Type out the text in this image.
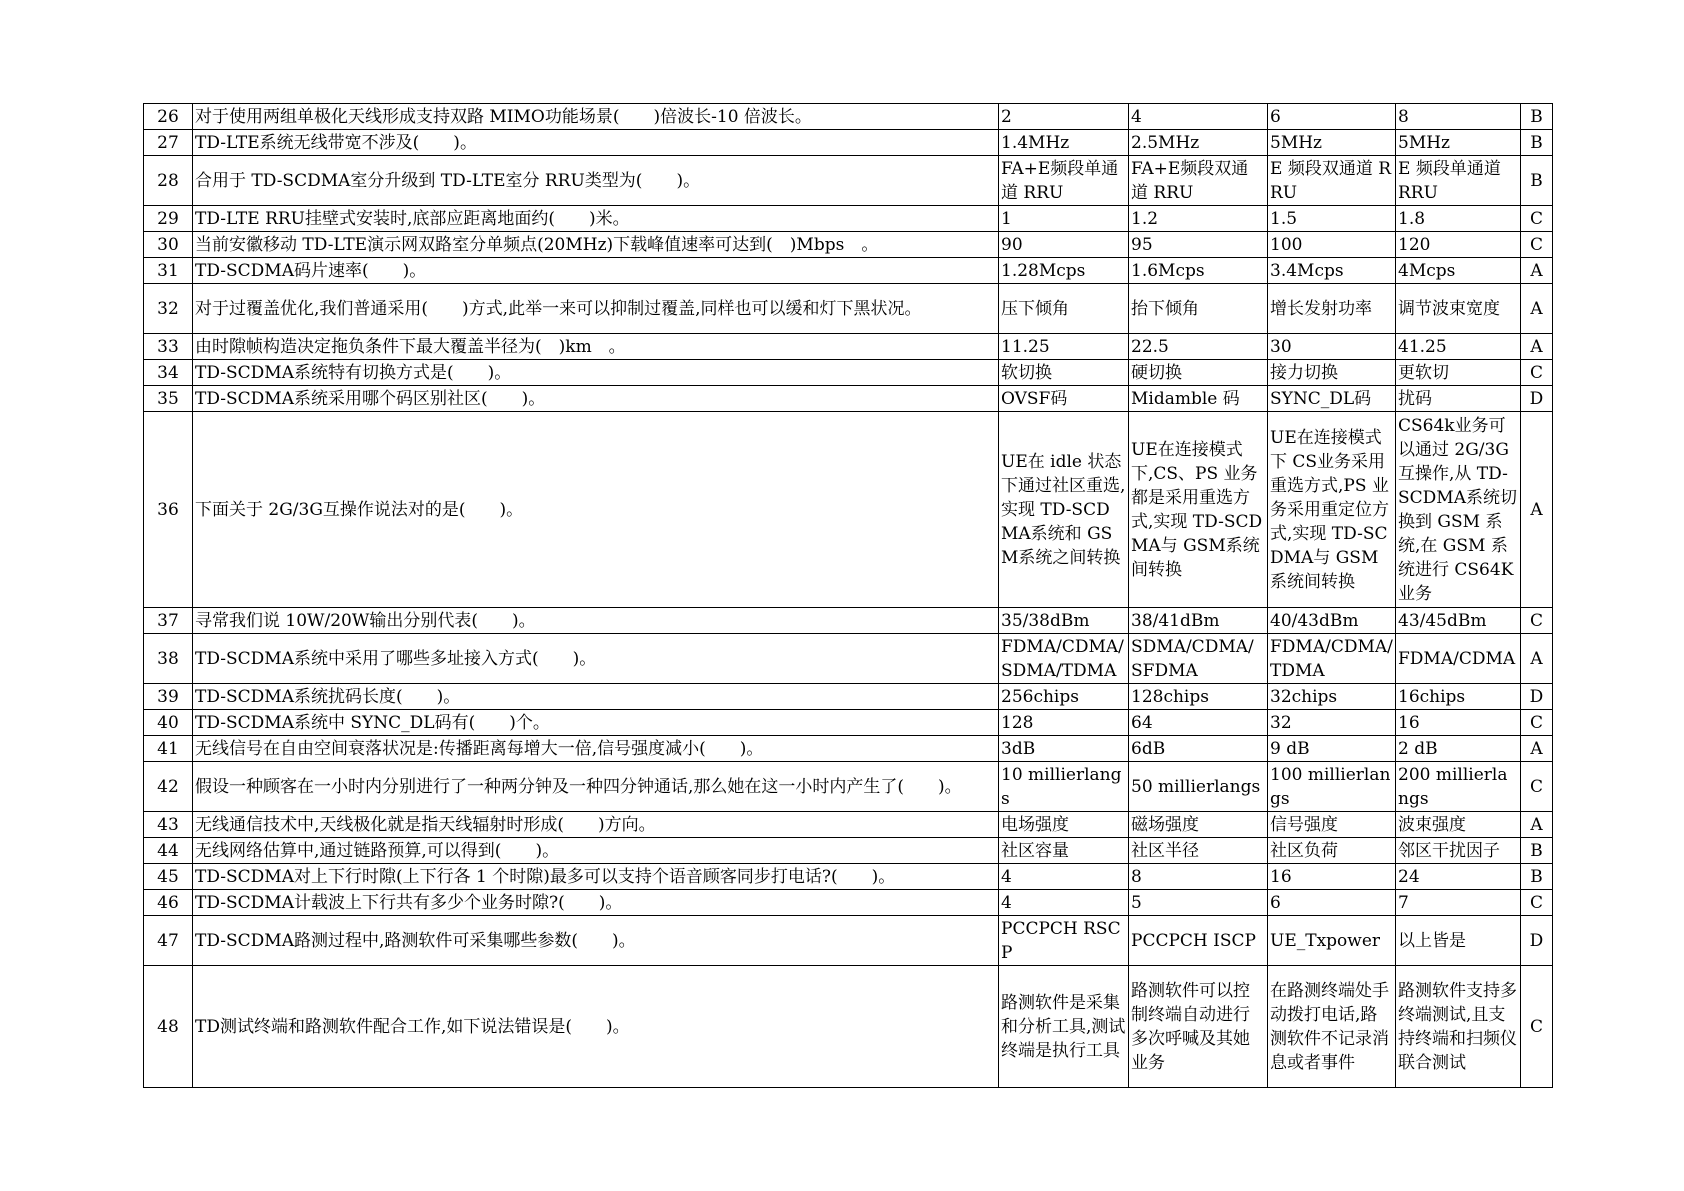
26	对于使用两组单极化天线形成支持双路 MIMO功能场景(　　)倍波长-10 倍波长。	2	4	6	8	B
27	TD-LTE系统无线带宽不涉及(　　)。	1.4MHz	2.5MHz	5MHz	5MHz	B
28	合用于 TD-SCDMA室分升级到 TD-LTE室分 RRU类型为(　　)。	FA+E频段单通道 RRU	FA+E频段双通道 RRU	E 频段双通道 RRU	E 频段单通道 RRU	B
29	TD-LTE RRU挂壁式安装时,底部应距离地面约(　　)米。	1	1.2	1.5	1.8	C
30	当前安徽移动 TD-LTE演示网双路室分单频点(20MHz)下载峰值速率可达到(　)Mbps　。	90	95	100	120	C
31	TD-SCDMA码片速率(　　)。	1.28Mcps	1.6Mcps	3.4Mcps	4Mcps	A
32	对于过覆盖优化,我们普通采用(　　)方式,此举一来可以抑制过覆盖,同样也可以缓和灯下黑状况。	压下倾角	抬下倾角	增长发射功率	调节波束宽度	A
33	由时隙帧构造决定拖负条件下最大覆盖半径为(　)km　。	11.25	22.5	30	41.25	A
34	TD-SCDMA系统特有切换方式是(　　)。	软切换	硬切换	接力切换	更软切	C
35	TD-SCDMA系统采用哪个码区别社区(　　)。	OVSF码	Midamble 码	SYNC_DL码	扰码	D
36	下面关于 2G/3G互操作说法对的是(　　)。	UE在 idle 状态下通过社区重选,实现 TD-SCDMA系统和 GSM系统之间转换	UE在连接模式下,CS、PS 业务都是采用重选方式,实现 TD-SCDMA与 GSM系统间转换	UE在连接模式下 CS业务采用重选方式,PS 业务采用重定位方式,实现 TD-SCDMA与 GSM系统间转换	CS64k业务可以通过 2G/3G互操作,从 TD-SCDMA系统切换到 GSM 系统,在 GSM 系统进行 CS64K业务	A
37	寻常我们说 10W/20W输出分别代表(　　)。	35/38dBm	38/41dBm	40/43dBm	43/45dBm	C
38	TD-SCDMA系统中采用了哪些多址接入方式(　　)。	FDMA/CDMA/SDMA/TDMA	SDMA/CDMA/SFDMA	FDMA/CDMA/TDMA	FDMA/CDMA	A
39	TD-SCDMA系统扰码长度(　　)。	256chips	128chips	32chips	16chips	D
40	TD-SCDMA系统中 SYNC_DL码有(　　)个。	128	64	32	16	C
41	无线信号在自由空间衰落状况是:传播距离每增大一倍,信号强度减小(　　)。	3dB	6dB	9 dB	2 dB	A
42	假设一种顾客在一小时内分别进行了一种两分钟及一种四分钟通话,那么她在这一小时内产生了(　　)。	10 millierlangs	50 millierlangs	100 millierlangs	200 millierlangs	C
43	无线通信技术中,天线极化就是指天线辐射时形成(　　)方向。	电场强度	磁场强度	信号强度	波束强度	A
44	无线网络估算中,通过链路预算,可以得到(　　)。	社区容量	社区半径	社区负荷	邻区干扰因子	B
45	TD-SCDMA对上下行时隙(上下行各 1 个时隙)最多可以支持个语音顾客同步打电话?(　　)。	4	8	16	24	B
46	TD-SCDMA计载波上下行共有多少个业务时隙?(　　)。	4	5	6	7	C
47	TD-SCDMA路测过程中,路测软件可采集哪些参数(　　)。	PCCPCH RSCP	PCCPCH ISCP	UE_Txpower	以上皆是	D
48	TD测试终端和路测软件配合工作,如下说法错误是(　　)。	路测软件是采集和分析工具,测试终端是执行工具	路测软件可以控制终端自动进行多次呼喊及其她业务	在路测终端处手动拨打电话,路测软件不记录消息或者事件	路测软件支持多终端测试,且支持终端和扫频仪联合测试	C
